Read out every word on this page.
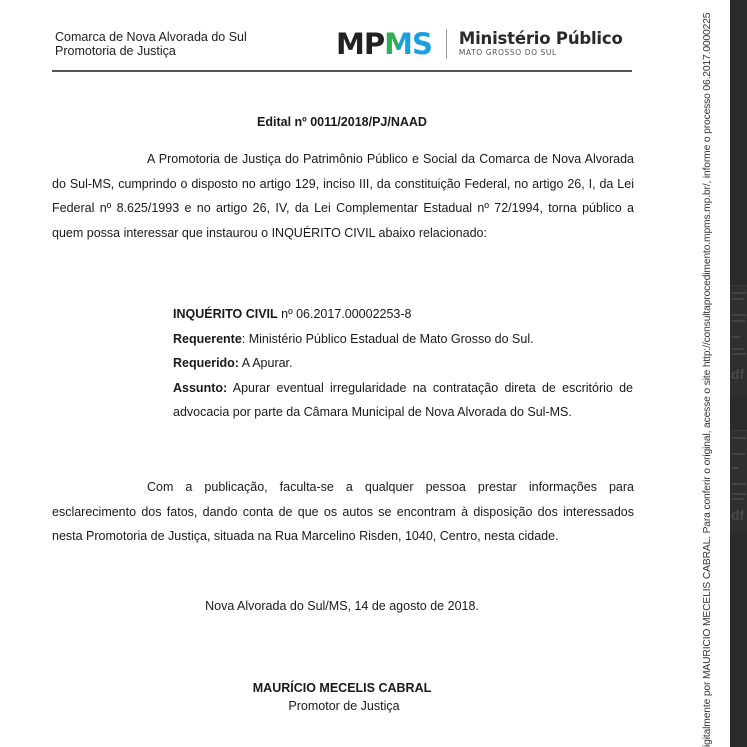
Comarca de Nova Alvorada do Sul
Promotoria de Justiça	MPMS Ministério Público
MATO GROSSO DO SUL
Edital nº 0011/2018/PJ/NAAD
A Promotoria de Justiça do Patrimônio Público e Social da Comarca de Nova Alvorada do Sul-MS, cumprindo o disposto no artigo 129, inciso III, da constituição Federal, no artigo 26, I, da Lei Federal nº 8.625/1993 e no artigo 26, IV, da Lei Complementar Estadual nº 72/1994, torna público a quem possa interessar que instaurou o INQUÉRITO CIVIL abaixo relacionado:
INQUÉRITO CIVIL nº 06.2017.00002253-8
Requerente: Ministério Público Estadual de Mato Grosso do Sul.
Requerido: A Apurar.
Assunto: Apurar eventual irregularidade na contratação direta de escritório de advocacia por parte da Câmara Municipal de Nova Alvorada do Sul-MS.
Com a publicação, faculta-se a qualquer pessoa prestar informações para esclarecimento dos fatos, dando conta de que os autos se encontram à disposição dos interessados nesta Promotoria de Justiça, situada na Rua Marcelino Risden, 1040, Centro, nesta cidade.
Nova Alvorada do Sul/MS, 14 de agosto de 2018.
MAURÍCIO MECELIS CABRAL
Promotor de Justiça	igitalmente por MAURICIO MECELIS CABRAL. Para conferir o original, acesse o site http://consultaprocedimento.mpms.mp.br/, informe o processo 06.2017.0000225 df
df
